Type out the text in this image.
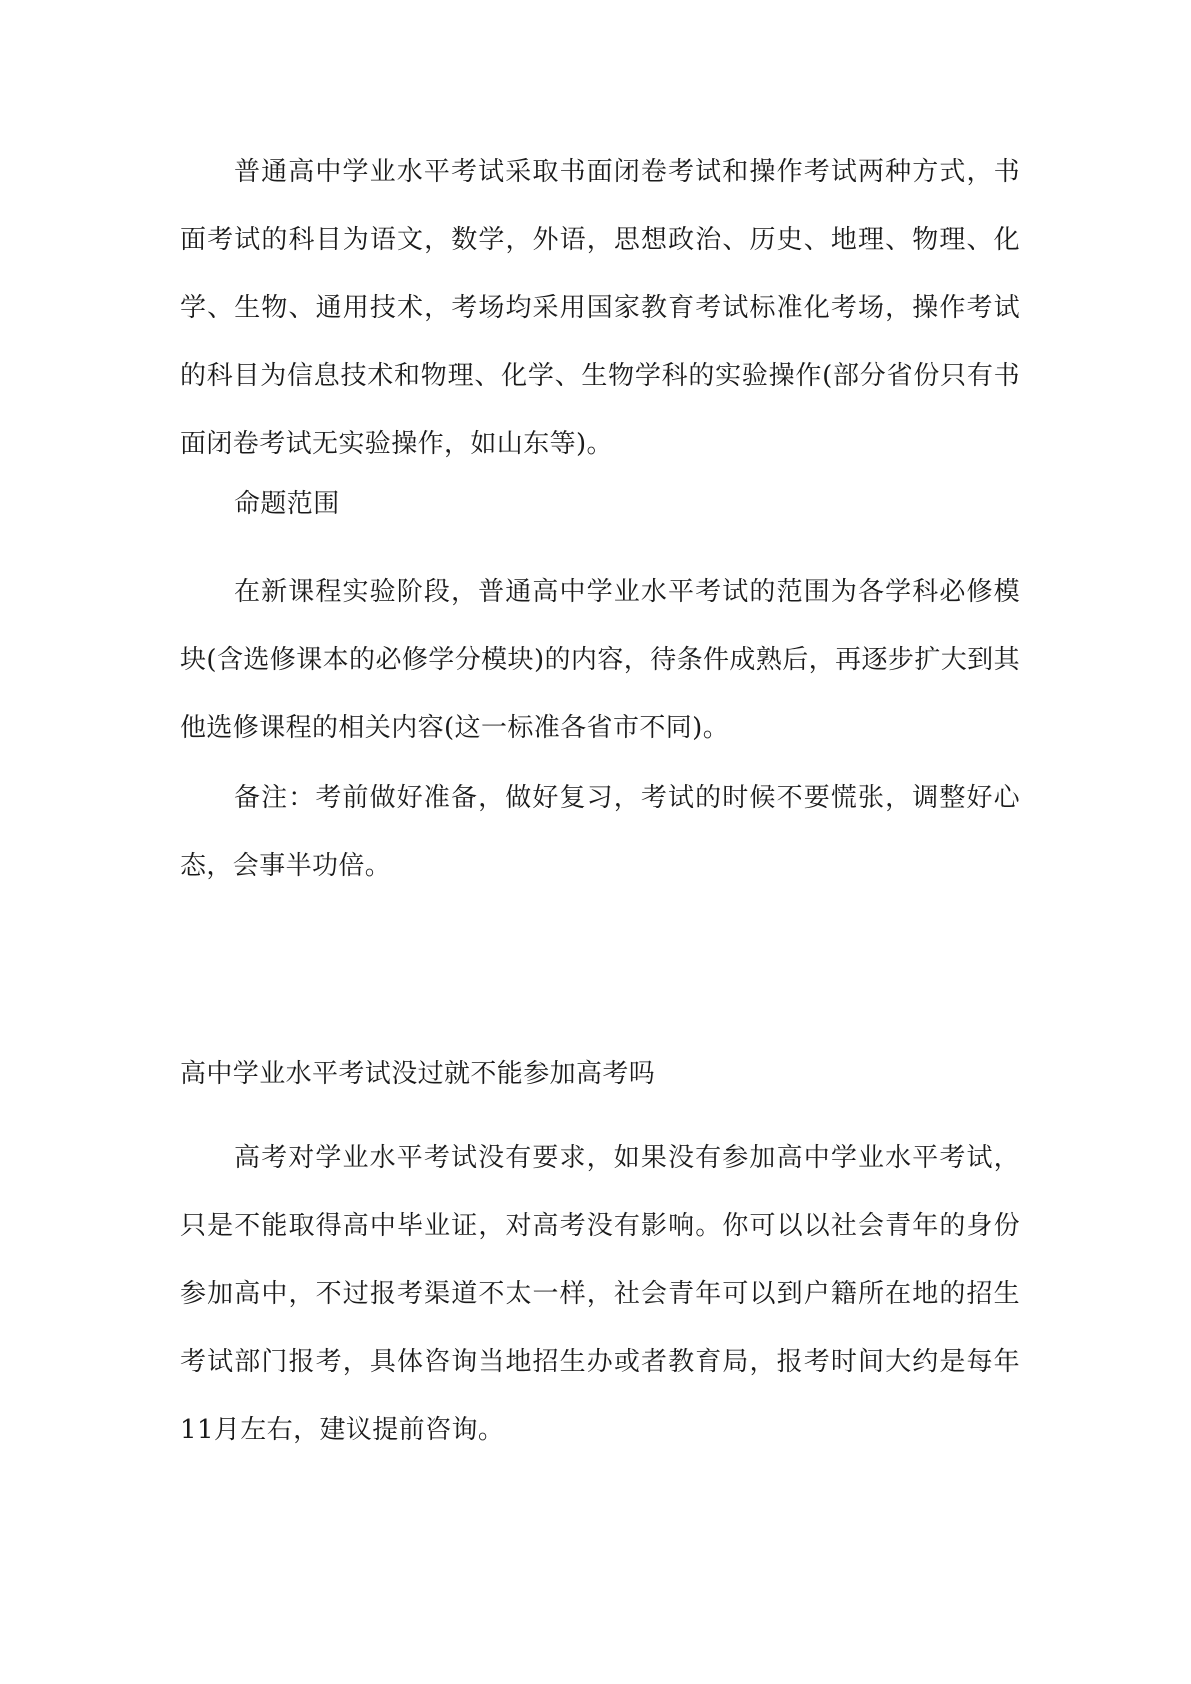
普通高中学业水平考试采取书面闭卷考试和操作考试两种方式，书面考试的科目为语文，数学，外语，思想政治、历史、地理、物理、化学、生物、通用技术，考场均采用国家教育考试标准化考场，操作考试的科目为信息技术和物理、化学、生物学科的实验操作(部分省份只有书面闭卷考试无实验操作，如山东等)。

命题范围

在新课程实验阶段，普通高中学业水平考试的范围为各学科必修模块(含选修课本的必修学分模块)的内容，待条件成熟后，再逐步扩大到其他选修课程的相关内容(这一标准各省市不同)。

备注：考前做好准备，做好复习，考试的时候不要慌张，调整好心态，会事半功倍。

高中学业水平考试没过就不能参加高考吗

高考对学业水平考试没有要求，如果没有参加高中学业水平考试，只是不能取得高中毕业证，对高考没有影响。你可以以社会青年的身份参加高中，不过报考渠道不太一样，社会青年可以到户籍所在地的招生考试部门报考，具体咨询当地招生办或者教育局，报考时间大约是每年11月左右，建议提前咨询。
